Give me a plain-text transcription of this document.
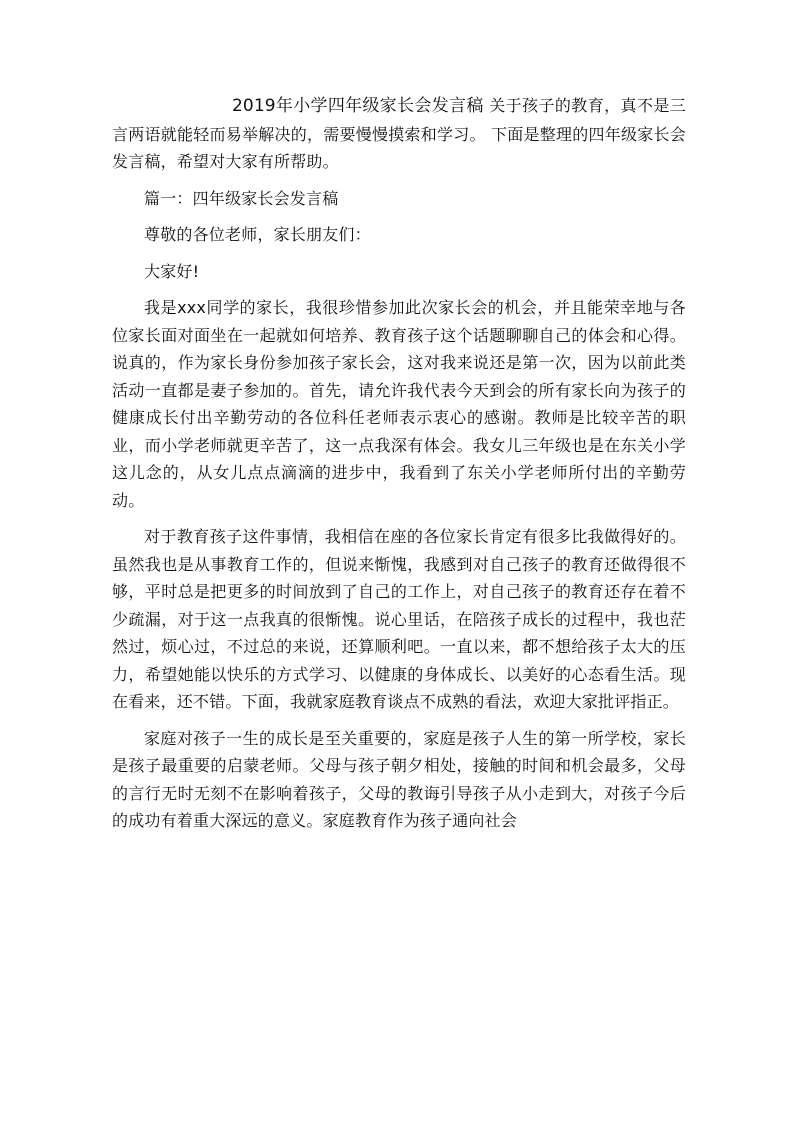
2019年小学四年级家长会发言稿 关于孩子的教育，真不是三言两语就能轻而易举解决的，需要慢慢摸索和学习。 下面是整理的四年级家长会发言稿，希望对大家有所帮助。

篇一：四年级家长会发言稿

尊敬的各位老师，家长朋友们：

大家好!

我是xxx同学的家长，我很珍惜参加此次家长会的机会，并且能荣幸地与各位家长面对面坐在一起就如何培养、教育孩子这个话题聊聊自己的体会和心得。说真的，作为家长身份参加孩子家长会，这对我来说还是第一次，因为以前此类活动一直都是妻子参加的。首先，请允许我代表今天到会的所有家长向为孩子的健康成长付出辛勤劳动的各位科任老师表示衷心的感谢。教师是比较辛苦的职业，而小学老师就更辛苦了，这一点我深有体会。我女儿三年级也是在东关小学这儿念的，从女儿点点滴滴的进步中，我看到了东关小学老师所付出的辛勤劳动。

对于教育孩子这件事情，我相信在座的各位家长肯定有很多比我做得好的。虽然我也是从事教育工作的，但说来惭愧，我感到对自己孩子的教育还做得很不够，平时总是把更多的时间放到了自己的工作上，对自己孩子的教育还存在着不少疏漏，对于这一点我真的很惭愧。说心里话，在陪孩子成长的过程中，我也茫然过，烦心过，不过总的来说，还算顺利吧。一直以来，都不想给孩子太大的压力，希望她能以快乐的方式学习、以健康的身体成长、以美好的心态看生活。现在看来，还不错。下面，我就家庭教育谈点不成熟的看法，欢迎大家批评指正。

家庭对孩子一生的成长是至关重要的，家庭是孩子人生的第一所学校，家长是孩子最重要的启蒙老师。父母与孩子朝夕相处，接触的时间和机会最多，父母的言行无时无刻不在影响着孩子，父母的教诲引导孩子从小走到大，对孩子今后的成功有着重大深远的意义。家庭教育作为孩子通向社会
